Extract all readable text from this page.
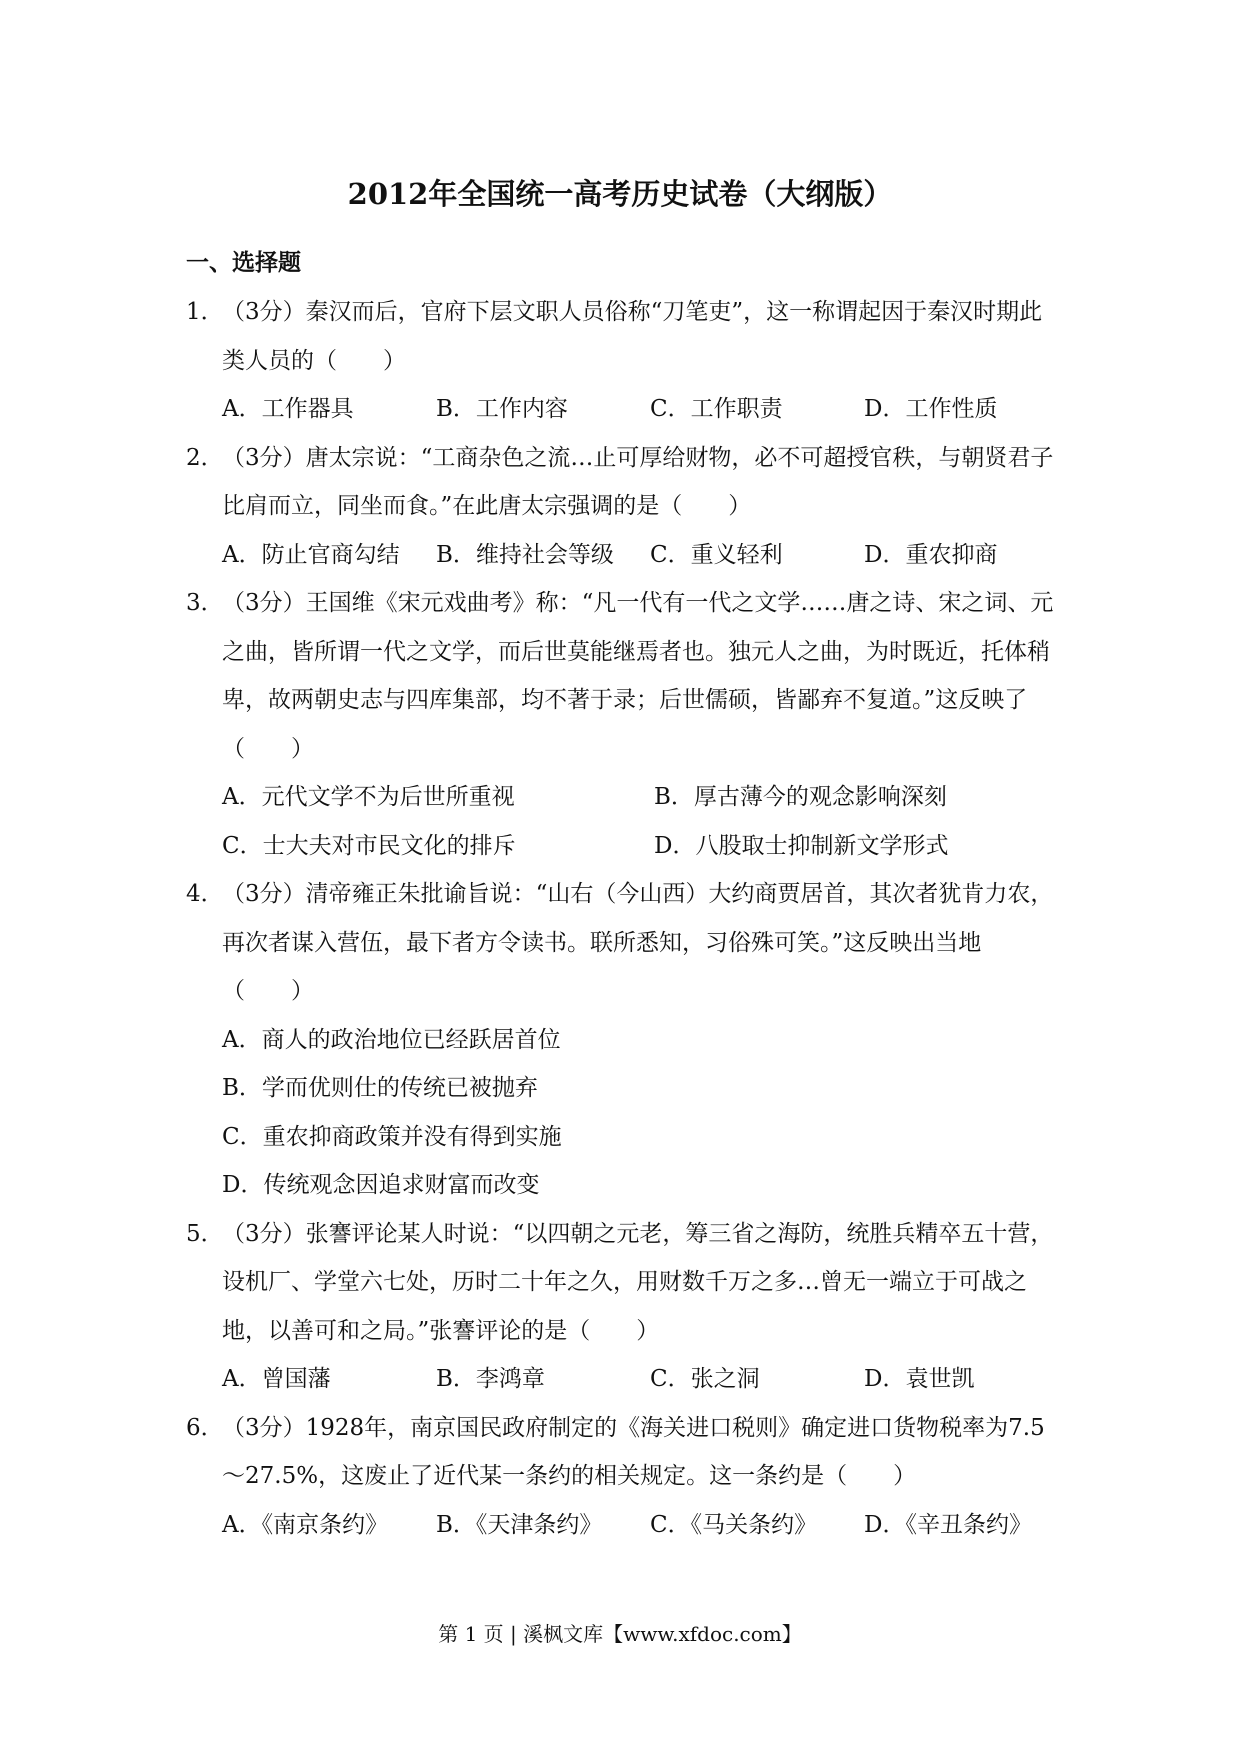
2012年全国统一高考历史试卷（大纲版）
一、选择题
1．
（3分）秦汉而后，官府下层文职人员俗称“刀笔吏”，这一称谓起因于秦汉时期此类人员的（　　）
A．工作器具	B．工作内容	C．工作职责	D．工作性质
2．
（3分）唐太宗说：“工商杂色之流…止可厚给财物，必不可超授官秩，与朝贤君子比肩而立，同坐而食。”在此唐太宗强调的是（　　）
A．防止官商勾结	B．维持社会等级	C．重义轻利	D．重农抑商
3．
（3分）王国维《宋元戏曲考》称：“凡一代有一代之文学……唐之诗、宋之词、元之曲，皆所谓一代之文学，而后世莫能继焉者也。独元人之曲，为时既近，托体稍卑，故两朝史志与四库集部，均不著于录；后世儒硕，皆鄙弃不复道。”这反映了（　　）
A．元代文学不为后世所重视	B．厚古薄今的观念影响深刻
C．士大夫对市民文化的排斥	D．八股取士抑制新文学形式
4．
（3分）清帝雍正朱批谕旨说：“山右（今山西）大约商贾居首，其次者犹肯力农，再次者谋入营伍，最下者方令读书。联所悉知，习俗殊可笑。”这反映出当地（　　）
A．商人的政治地位已经跃居首位
B．学而优则仕的传统已被抛弃
C．重农抑商政策并没有得到实施
D．传统观念因追求财富而改变
5．
（3分）张謇评论某人时说：“以四朝之元老，筹三省之海防，统胜兵精卒五十营，设机厂、学堂六七处，历时二十年之久，用财数千万之多…曾无一端立于可战之地，以善可和之局。”张謇评论的是（　　）
A．曾国藩	B．李鸿章	C．张之洞	D．袁世凯
6．
（3分）1928年，南京国民政府制定的《海关进口税则》确定进口货物税率为7.5～27.5%，这废止了近代某一条约的相关规定。这一条约是（　　）
A．《南京条约》	B．《天津条约》	C．《马关条约》	D．《辛丑条约》
第 1 页 | 溪枫文库【www.xfdoc.com】
